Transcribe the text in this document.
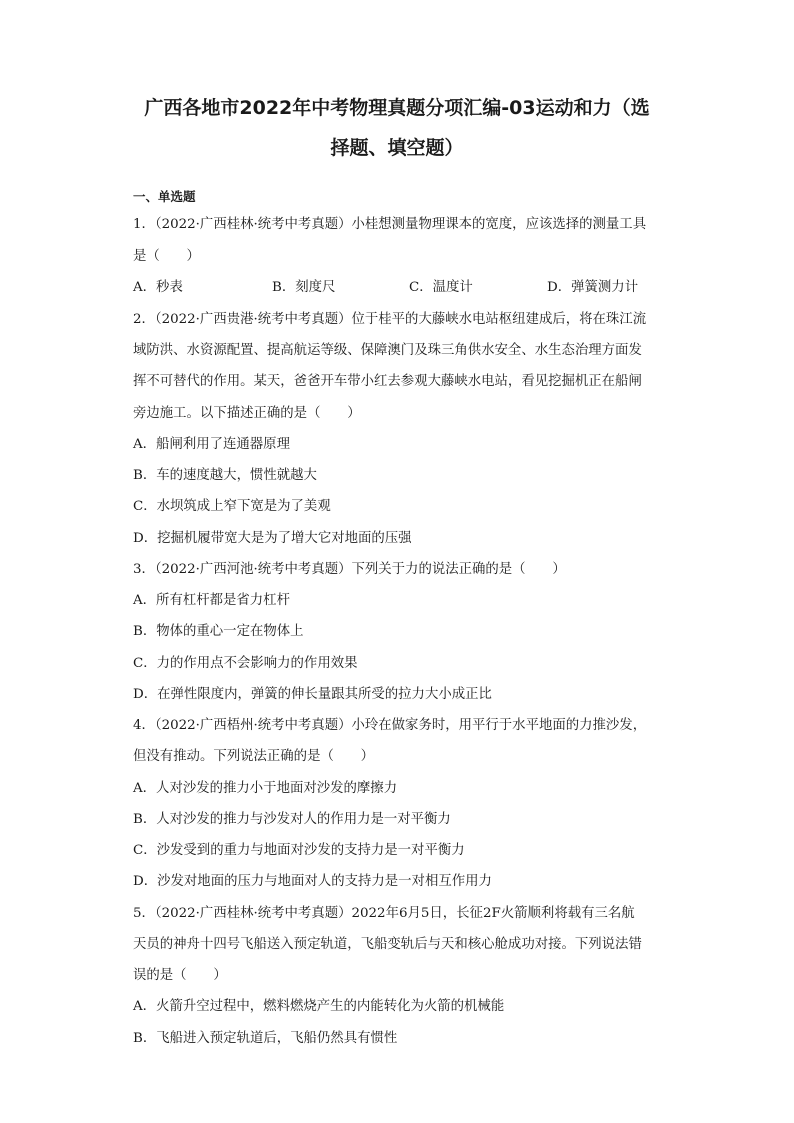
广西各地市2022年中考物理真题分项汇编-03运动和力（选
择题、填空题）
一、单选题
1．（2022·广西桂林·统考中考真题）小桂想测量物理课本的宽度，应该选择的测量工具
是（　　）
A．秒表	B．刻度尺	C．温度计	D．弹簧测力计
2．（2022·广西贵港·统考中考真题）位于桂平的大藤峡水电站枢纽建成后，将在珠江流
域防洪、水资源配置、提高航运等级、保障澳门及珠三角供水安全、水生态治理方面发
挥不可替代的作用。某天，爸爸开车带小红去参观大藤峡水电站，看见挖掘机正在船闸
旁边施工。以下描述正确的是（　　）
A．船闸利用了连通器原理
B．车的速度越大，惯性就越大
C．水坝筑成上窄下宽是为了美观
D．挖掘机履带宽大是为了增大它对地面的压强
3．（2022·广西河池·统考中考真题）下列关于力的说法正确的是（　　）
A．所有杠杆都是省力杠杆
B．物体的重心一定在物体上
C．力的作用点不会影响力的作用效果
D．在弹性限度内，弹簧的伸长量跟其所受的拉力大小成正比
4．（2022·广西梧州·统考中考真题）小玲在做家务时，用平行于水平地面的力推沙发，
但没有推动。下列说法正确的是（　　）
A．人对沙发的推力小于地面对沙发的摩擦力
B．人对沙发的推力与沙发对人的作用力是一对平衡力
C．沙发受到的重力与地面对沙发的支持力是一对平衡力
D．沙发对地面的压力与地面对人的支持力是一对相互作用力
5．（2022·广西桂林·统考中考真题）2022年6月5日，长征2F火箭顺利将载有三名航
天员的神舟十四号飞船送入预定轨道，飞船变轨后与天和核心舱成功对接。下列说法错
误的是（　　）
A．火箭升空过程中，燃料燃烧产生的内能转化为火箭的机械能
B．飞船进入预定轨道后，飞船仍然具有惯性
